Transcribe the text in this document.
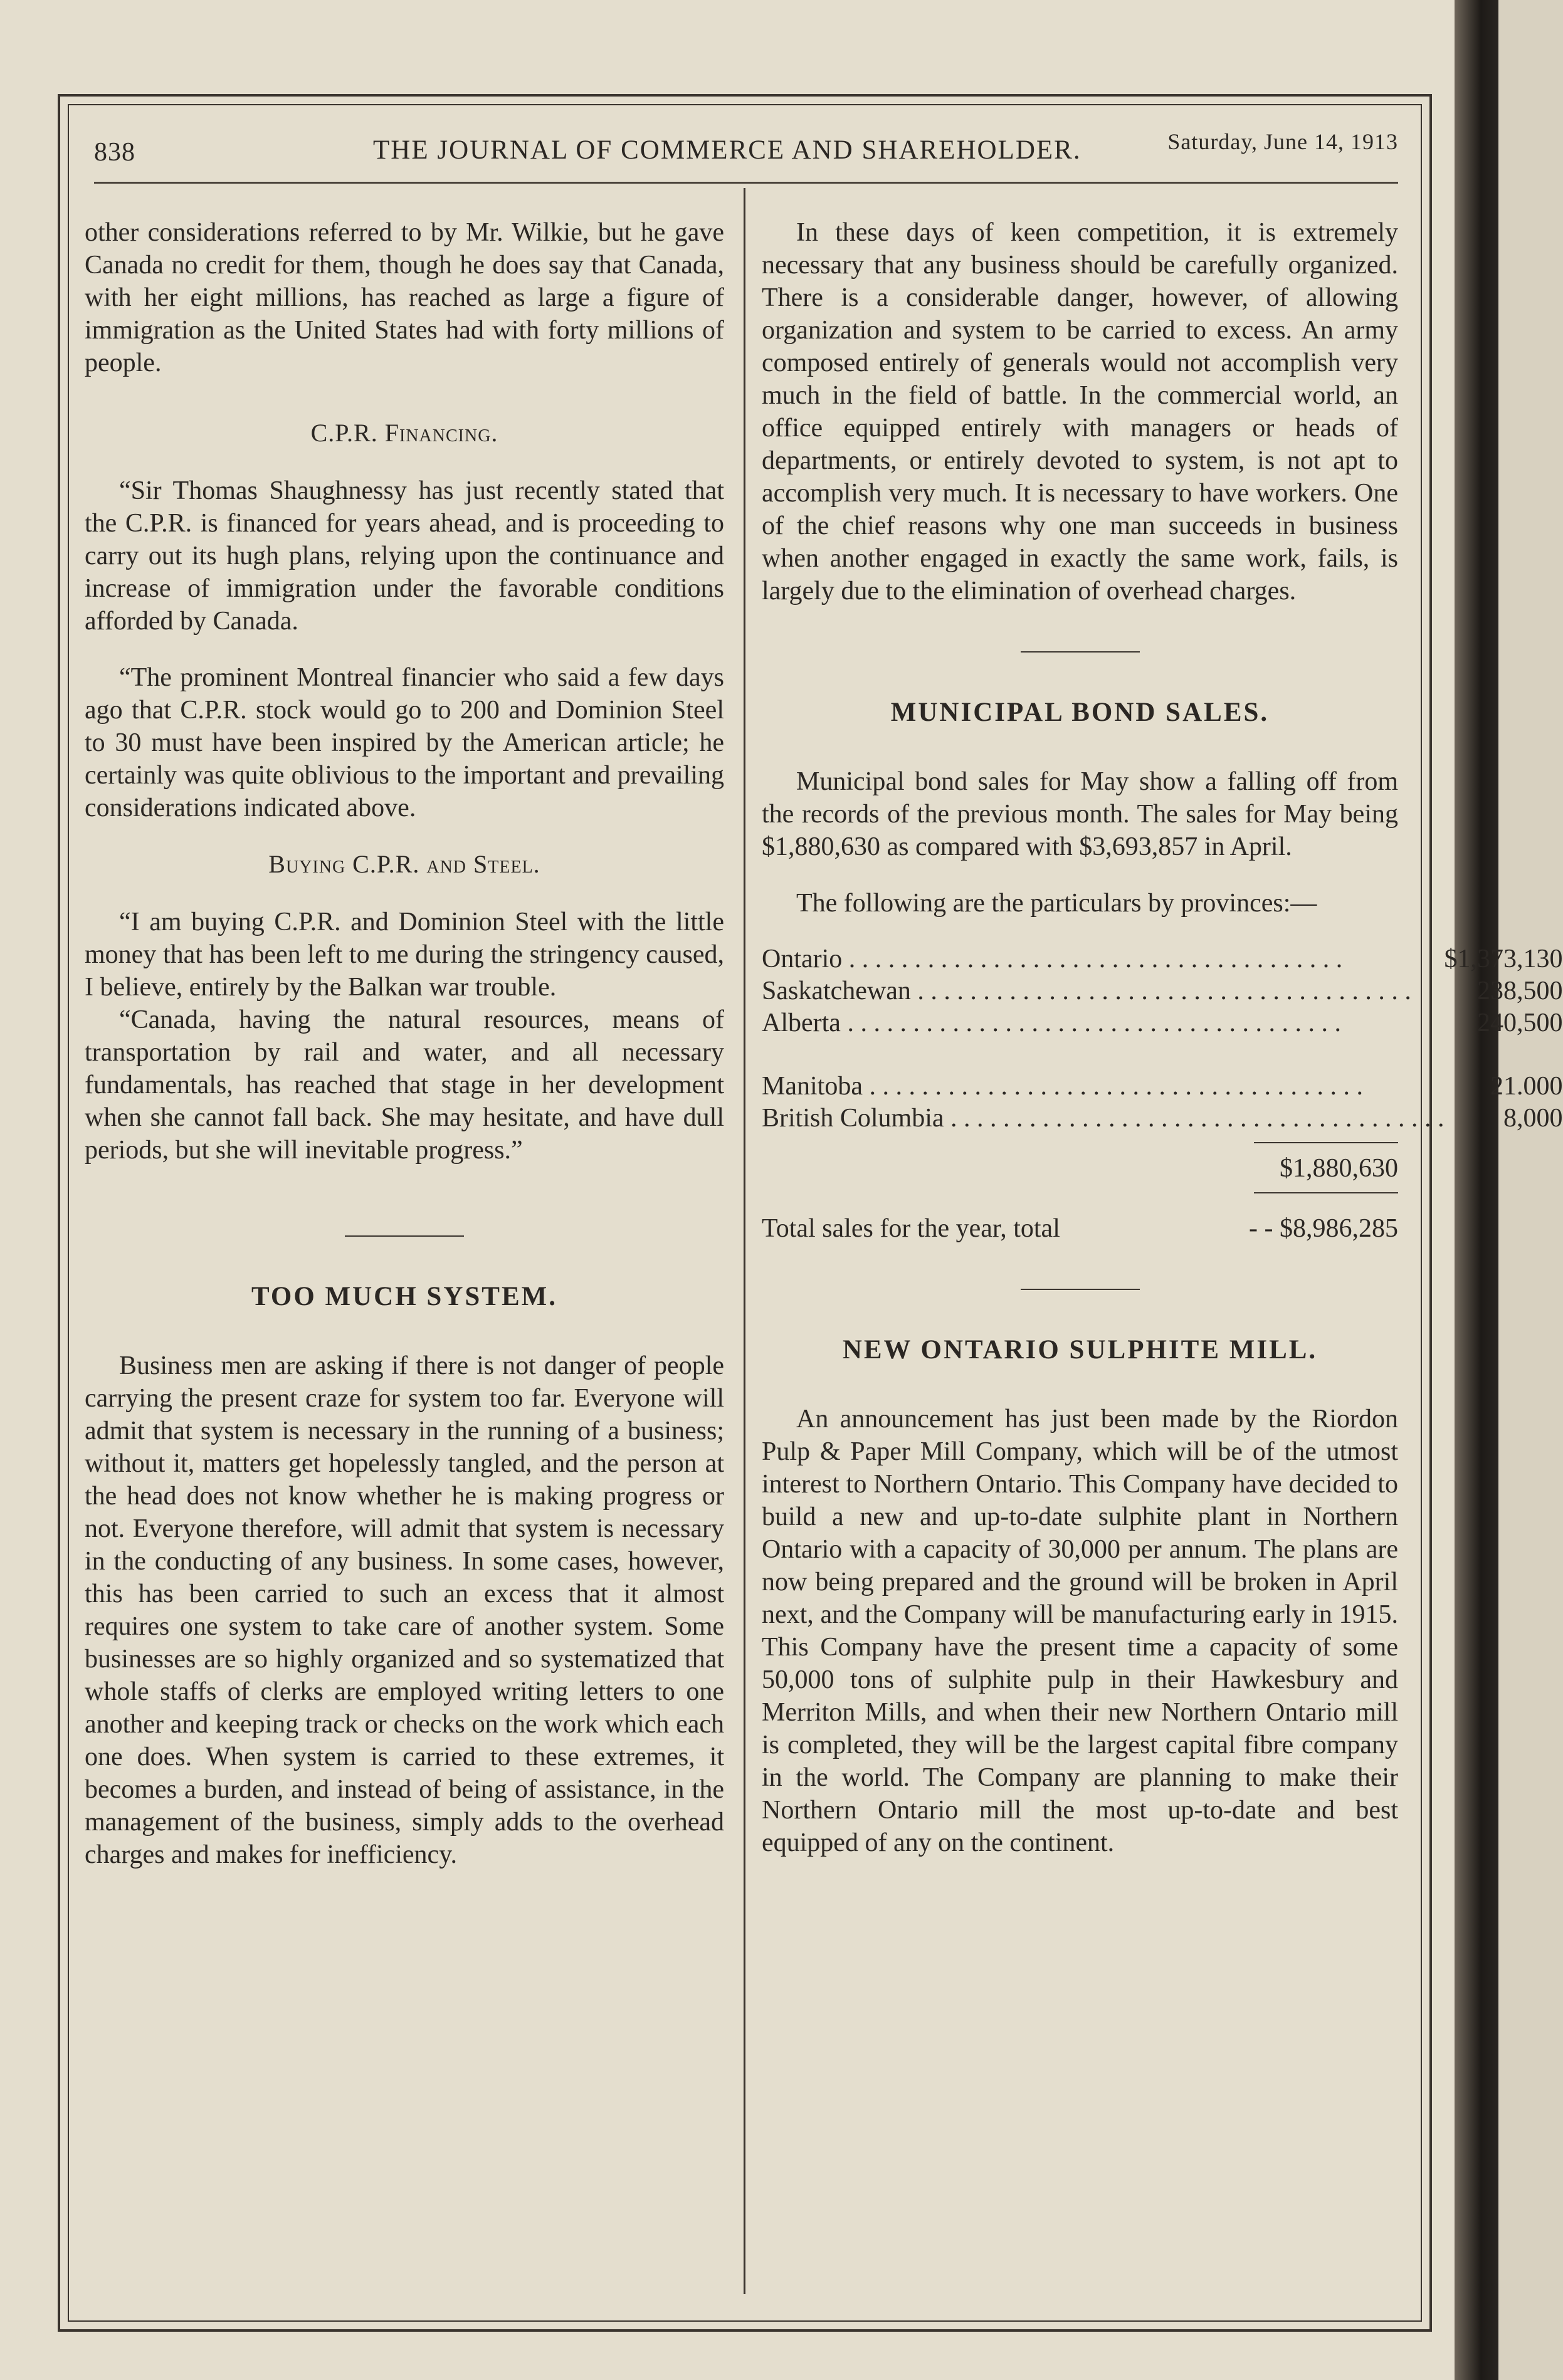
838	THE JOURNAL OF COMMERCE AND SHAREHOLDER.	Saturday, June 14, 1913

other considerations referred to by Mr. Wilkie, but he gave Canada no credit for them, though he does say that Canada, with her eight millions, has reached as large a figure of immigration as the United States had with forty millions of people.

C.P.R. Financing.

“Sir Thomas Shaughnessy has just recently stated that the C.P.R. is financed for years ahead, and is proceeding to carry out its hugh plans, relying upon the continuance and increase of immigration under the favorable conditions afforded by Canada.

“The prominent Montreal financier who said a few days ago that C.P.R. stock would go to 200 and Dominion Steel to 30 must have been inspired by the American article; he certainly was quite oblivious to the important and prevailing considerations indicated above.

Buying C.P.R. and Steel.

“I am buying C.P.R. and Dominion Steel with the little money that has been left to me during the stringency caused, I believe, entirely by the Balkan war trouble.

“Canada, having the natural resources, means of transportation by rail and water, and all necessary fundamentals, has reached that stage in her development when she cannot fall back. She may hesitate, and have dull periods, but she will inevitable progress.”

TOO MUCH SYSTEM.

Business men are asking if there is not danger of people carrying the present craze for system too far. Everyone will admit that system is necessary in the running of a business; without it, matters get hopelessly tangled, and the person at the head does not know whether he is making progress or not. Everyone therefore, will admit that system is necessary in the conducting of any business. In some cases, however, this has been carried to such an excess that it almost requires one system to take care of another system. Some businesses are so highly organized and so systematized that whole staffs of clerks are employed writing letters to one another and keeping track or checks on the work which each one does. When system is carried to these extremes, it becomes a burden, and instead of being of assistance, in the management of the business, simply adds to the overhead charges and makes for inefficiency.

In these days of keen competition, it is extremely necessary that any business should be carefully organized. There is a considerable danger, however, of allowing organization and system to be carried to excess. An army composed entirely of generals would not accomplish very much in the field of battle. In the commercial world, an office equipped entirely with managers or heads of departments, or entirely devoted to system, is not apt to accomplish very much. It is necessary to have workers. One of the chief reasons why one man succeeds in business when another engaged in exactly the same work, fails, is largely due to the elimination of overhead charges.

MUNICIPAL BOND SALES.

Municipal bond sales for May show a falling off from the records of the previous month. The sales for May being $1,880,630 as compared with $3,693,857 in April.

The following are the particulars by provinces:—

Ontario . . .	$1,373,130
Saskatchewan . . .	238,500
Alberta . . .	240,500

Manitoba . . .	21.000
British Columbia . . .	8,000
$1,880,630
Total sales for the year, total	- - $8,986,285
NEW ONTARIO SULPHITE MILL.

An announcement has just been made by the Riordon Pulp & Paper Mill Company, which will be of the utmost interest to Northern Ontario. This Company have decided to build a new and up-to-date sulphite plant in Northern Ontario with a capacity of 30,000 per annum. The plans are now being prepared and the ground will be broken in April next, and the Company will be manufacturing early in 1915. This Company have the present time a capacity of some 50,000 tons of sulphite pulp in their Hawkesbury and Merriton Mills, and when their new Northern Ontario mill is completed, they will be the largest capital fibre company in the world. The Company are planning to make their Northern Ontario mill the most up-to-date and best equipped of any on the continent.
